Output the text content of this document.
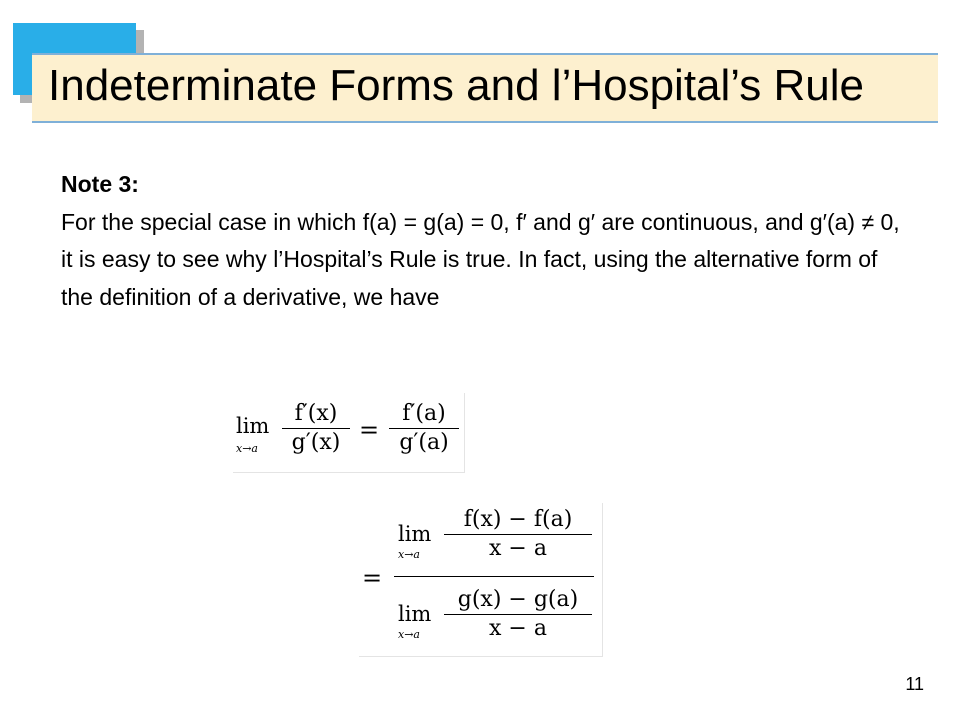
Indeterminate Forms and l’Hospital’s Rule
Note 3:
For the special case in which f(a) = g(a) = 0, f′ and g′ are continuous, and g′(a) ≠ 0, it is easy to see why l’Hospital’s Rule is true. In fact, using the alternative form of the definition of a derivative, we have
lim
x→a
f′(x)
g′(x) =
f′(a)
g′(a)
=
lim
x→a
f(x) − f(a)
x − a
lim
x→a
g(x) − g(a)
x − a
11
